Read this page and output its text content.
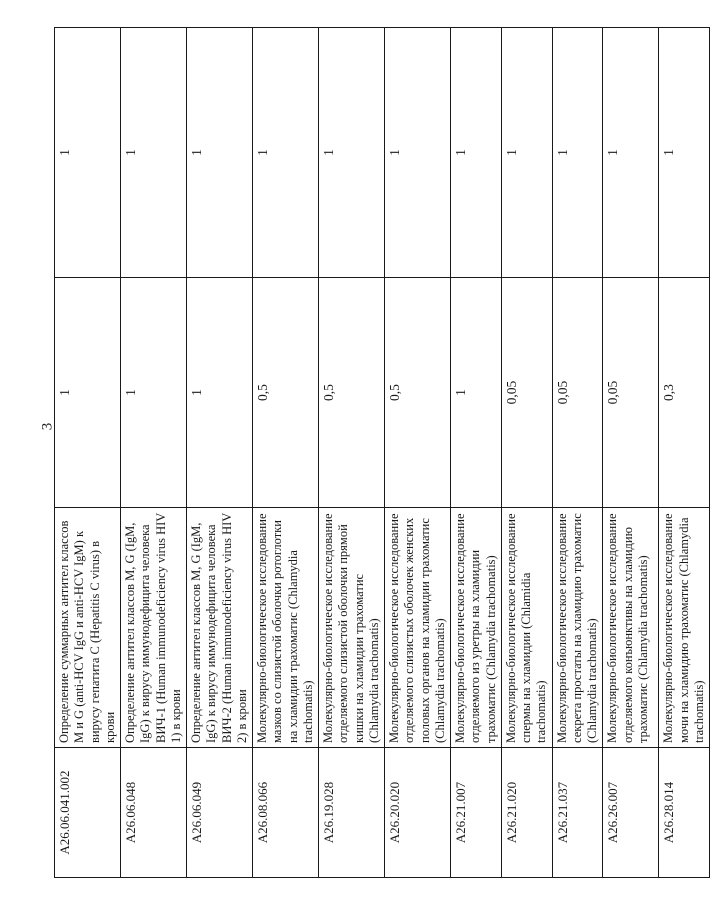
3
A26.06.041.002	Определение суммарных антител классов M и G (anti-HCV IgG и anti-HCV IgM) к вирусу гепатита С (Hepatitis C virus) в крови	1	1
A26.06.048	Определение антител классов M, G (IgM, IgG) к вирусу иммунодефицита человека ВИЧ-1 (Human immunodeficiency virus HIV 1) в крови	1	1
A26.06.049	Определение антител классов M, G (IgM, IgG) к вирусу иммунодефицита человека ВИЧ-2 (Human immunodeficiency virus HIV 2) в крови	1	1
A26.08.066	Молекулярно-биологическое исследование мазков со слизистой оболочки ротоглотки на хламидии трахоматис (Chlamydia trachomatis)	0,5	1
A26.19.028	Молекулярно-биологическое исследование отделяемого слизистой оболочки прямой кишки на хламидии трахоматис (Chlamydia trachomatis)	0,5	1
A26.20.020	Молекулярно-биологическое исследование отделяемого слизистых оболочек женских половых органов на хламидии трахоматис (Chlamydia trachomatis)	0,5	1
A26.21.007	Молекулярно-биологическое исследование отделяемого из уретры на хламидии трахоматис (Chlamydia trachomatis)	1	1
A26.21.020	Молекулярно-биологическое исследование спермы на хламидии (Chlamidia trachomatis)	0,05	1
A26.21.037	Молекулярно-биологическое исследование секрета простаты на хламидию трахоматис (Chlamydia trachomatis)	0,05	1
A26.26.007	Молекулярно-биологическое исследование отделяемого конъюнктивы на хламидию трахоматис (Chlamydia trachomatis)	0,05	1
A26.28.014	Молекулярно-биологическое исследование мочи на хламидию трахоматис (Chlamydia trachomatis)	0,3	1
